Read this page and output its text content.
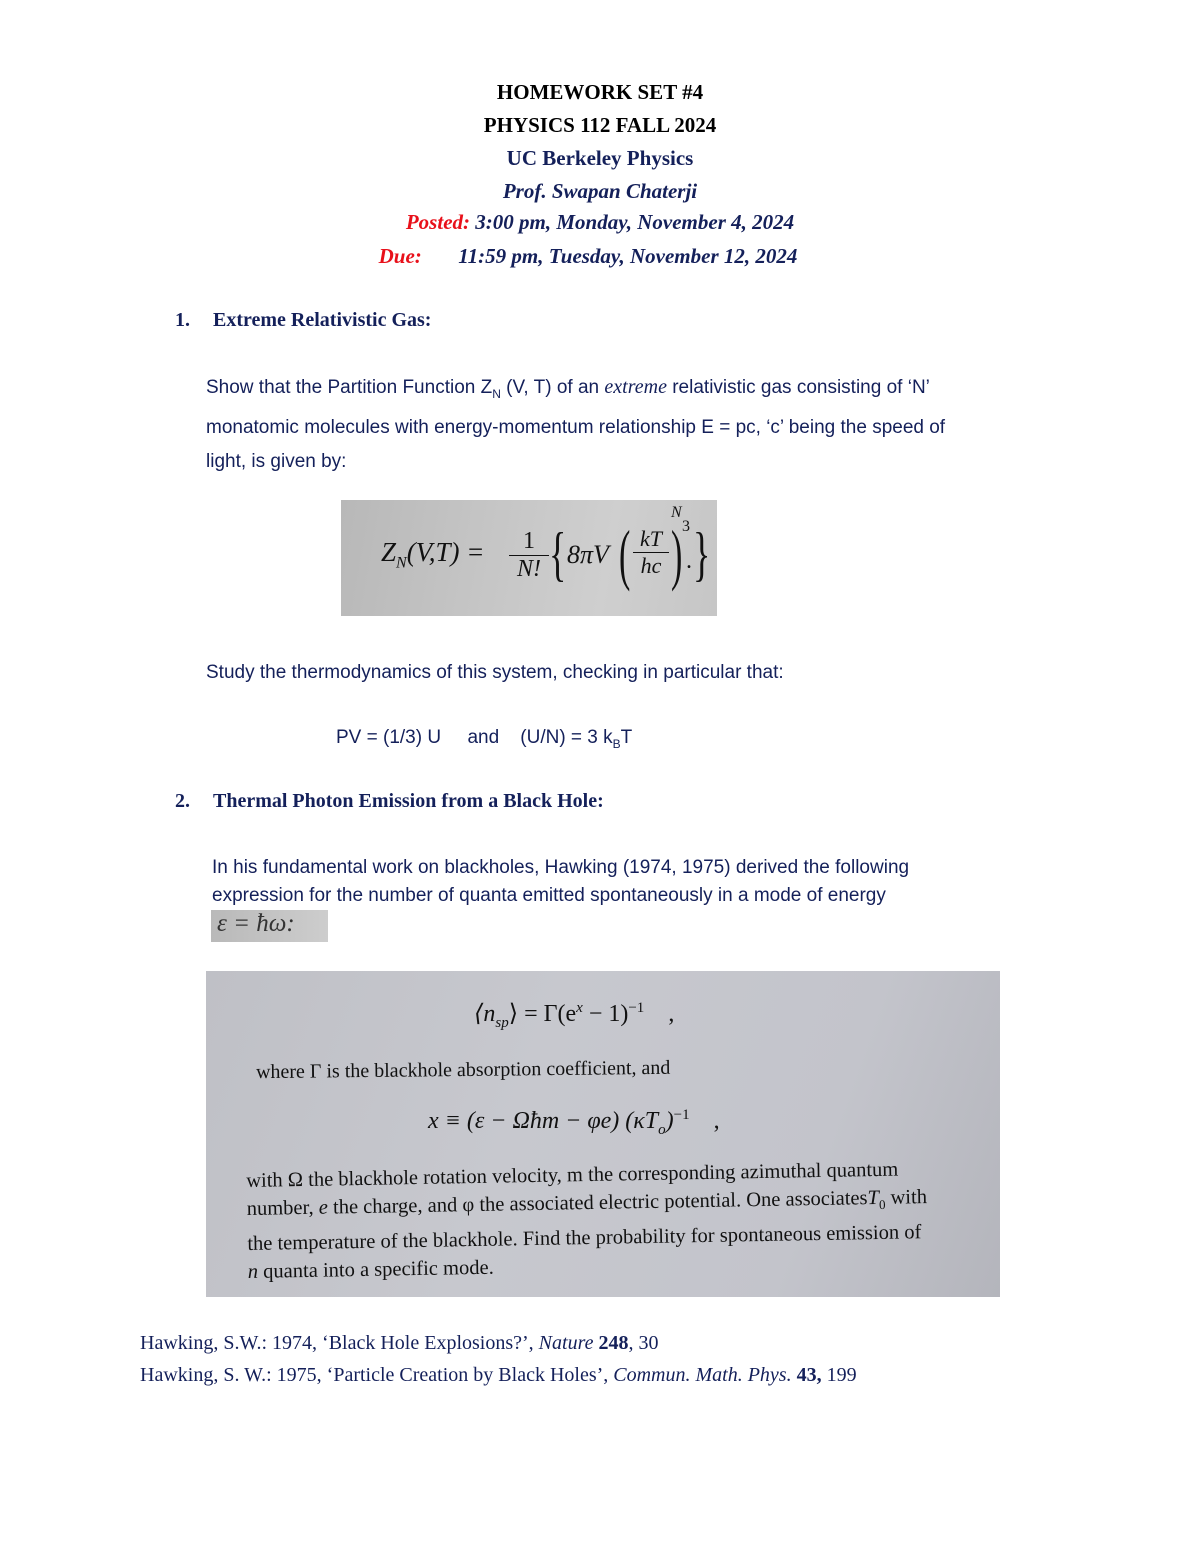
HOMEWORK SET #4
PHYSICS 112 FALL 2024
UC Berkeley Physics
Prof. Swapan Chaterji
Posted: 3:00 pm, Monday, November 4, 2024
Due: 11:59 pm, Tuesday, November 12, 2024
1. Extreme Relativistic Gas:
Show that the Partition Function $Z_N$ (V, T) of an extreme relativistic gas consisting of ‘N’
monatomic molecules with energy-momentum relationship E = pc, ‘c’ being the speed of
light, is given by:
$Z_N(V,T)$ =	1
N! { 8πV ( kT
hc ) 3 }
N
.
Study the thermodynamics of this system, checking in particular that:
PV = (1/3) U     and    (U/N) = 3 $k_BT$
2. Thermal Photon Emission from a Black Hole:
In his fundamental work on blackholes, Hawking (1974, 1975) derived the following
expression for the number of quanta emitted spontaneously in a mode of energy
ε = ħω:
$⟨n_{sp}⟩ = \Gamma(e^x - 1)^{-1}$ ,
where Γ is the blackhole absorption coefficient, and
x ≡ (ε − Ωħm − φe) $(\kappa T_o)^{-1}$ ,
with Ω the blackhole rotation velocity, m the corresponding azimuthal quantum
number, e the charge, and φ the associated electric potential. One associatesT$_0$ with
the temperature of the blackhole. Find the probability for spontaneous emission of
n quanta into a specific mode.
Hawking, S.W.: 1974, ‘Black Hole Explosions?’, Nature 248, 30
Hawking, S. W.: 1975, ‘Particle Creation by Black Holes’, Commun. Math. Phys. 43, 199
